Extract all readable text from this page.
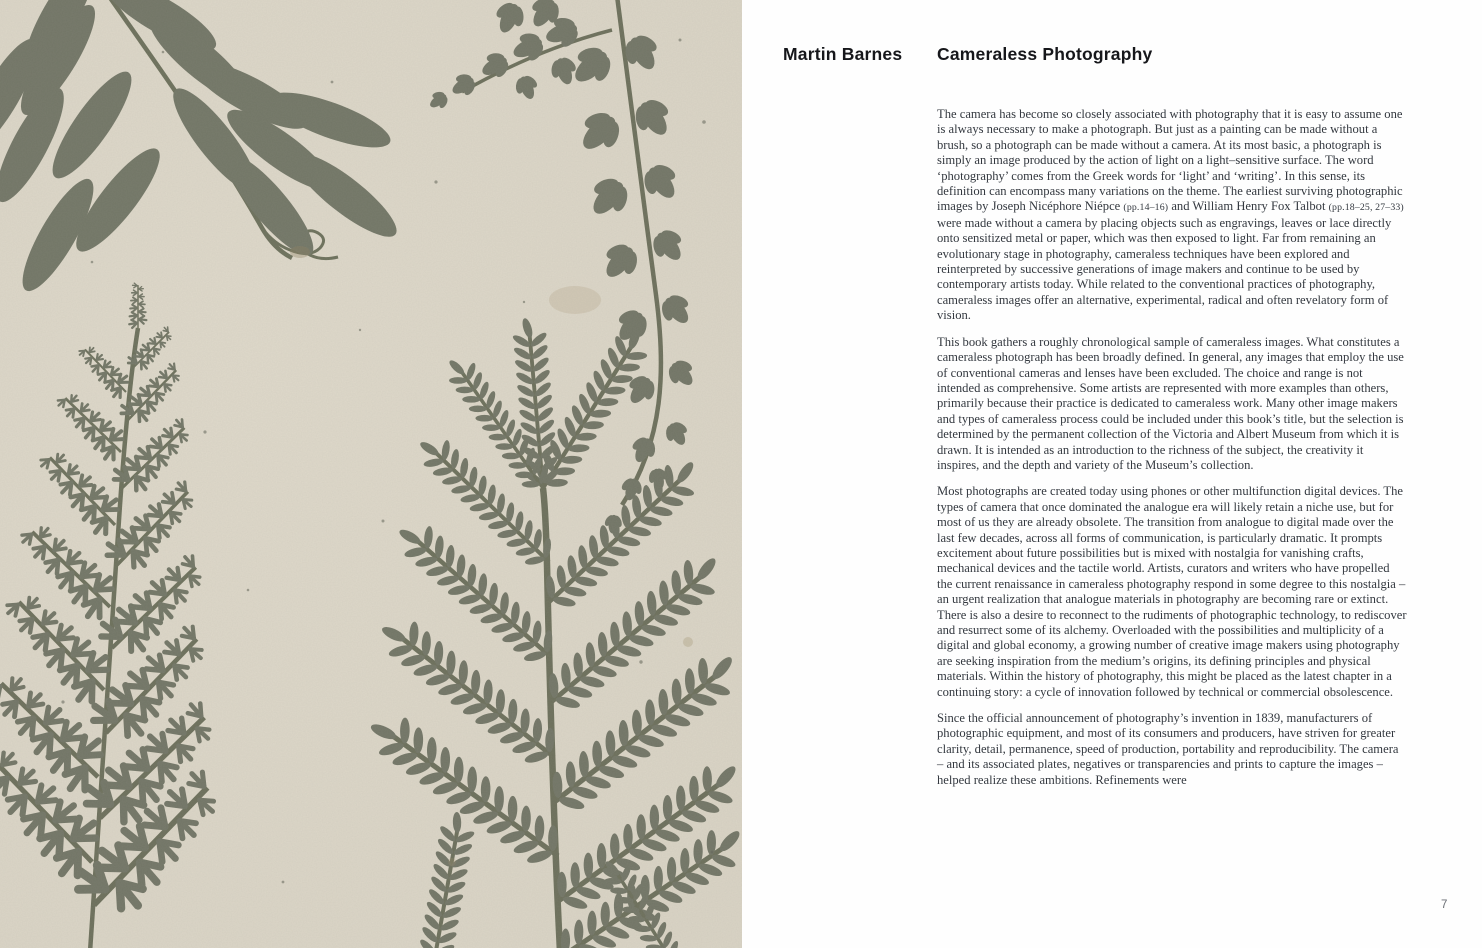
Martin Barnes Cameraless Photography

The camera has become so closely associated with photography that it is easy to assume one is always necessary to make a photograph. But just as a painting can be made without a brush, so a photograph can be made without a camera. At its most basic, a photograph is simply an image produced by the action of light on a light–sensitive surface. The word ‘photography’ comes from the Greek words for ‘light’ and ‘writing’. In this sense, its definition can encompass many variations on the theme. The earliest surviving photographic images by Joseph Nicéphore Niépce (pp.14–16) and William Henry Fox Talbot (pp.18–25, 27–33) were made without a camera by placing objects such as engravings, leaves or lace directly onto sensitized metal or paper, which was then exposed to light. Far from remaining an evolutionary stage in photography, cameraless techniques have been explored and reinterpreted by successive generations of image makers and continue to be used by contemporary artists today. While related to the conventional practices of photography, cameraless images offer an alternative, experimental, radical and often revelatory form of vision.

This book gathers a roughly chronological sample of cameraless images. What constitutes a cameraless photograph has been broadly defined. In general, any images that employ the use of conventional cameras and lenses have been excluded. The choice and range is not intended as comprehensive. Some artists are represented with more examples than others, primarily because their practice is dedicated to cameraless work. Many other image makers and types of cameraless process could be included under this book’s title, but the selection is determined by the permanent collection of the Victoria and Albert Museum from which it is drawn. It is intended as an introduction to the richness of the subject, the creativity it inspires, and the depth and variety of the Museum’s collection.

Most photographs are created today using phones or other multifunction digital devices. The types of camera that once dominated the analogue era will likely retain a niche use, but for most of us they are already obsolete. The transition from analogue to digital made over the last few decades, across all forms of communication, is particularly dramatic. It prompts excitement about future possibilities but is mixed with nostalgia for vanishing crafts, mechanical devices and the tactile world. Artists, curators and writers who have propelled the current renaissance in cameraless photography respond in some degree to this nostalgia – an urgent realization that analogue materials in photography are becoming rare or extinct. There is also a desire to reconnect to the rudiments of photographic technology, to rediscover and resurrect some of its alchemy. Overloaded with the possibilities and multiplicity of a digital and global economy, a growing number of creative image makers using photography are seeking inspiration from the medium’s origins, its defining principles and physical materials. Within the history of photography, this might be placed as the latest chapter in a continuing story: a cycle of innovation followed by technical or commercial obsolescence.

Since the official announcement of photography’s invention in 1839, manufacturers of photographic equipment, and most of its consumers and producers, have striven for greater clarity, detail, permanence, speed of production, portability and reproducibility. The camera – and its associated plates, negatives or transparencies and prints to capture the images – helped realize these ambitions. Refinements were

7
